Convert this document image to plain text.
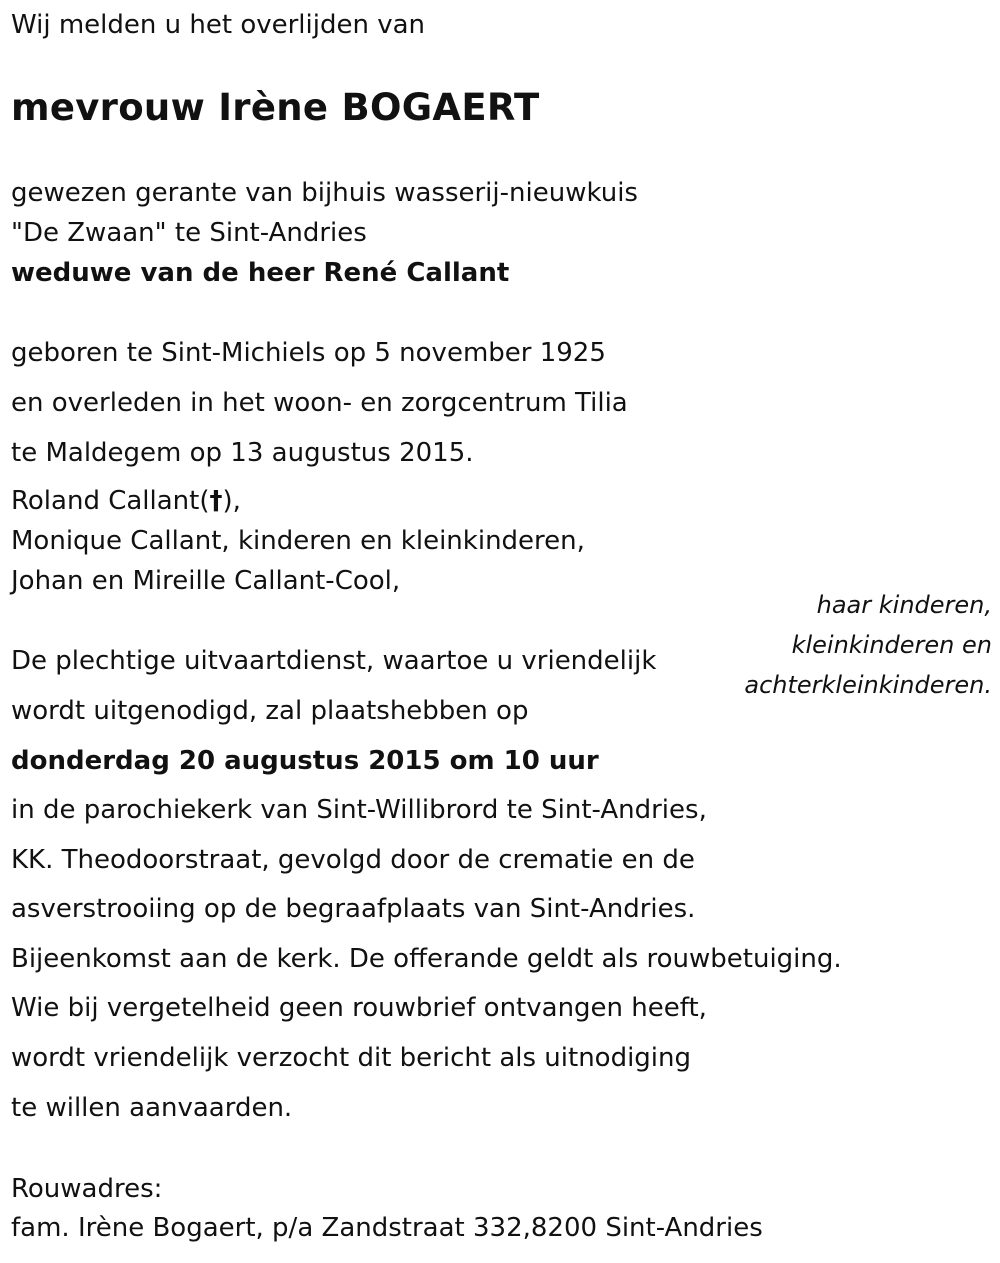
Wij melden u het overlijden van

mevrouw Irène BOGAERT

gewezen gerante van bijhuis wasserij-nieuwkuis

"De Zwaan" te Sint-Andries

weduwe van de heer René Callant

geboren te Sint-Michiels op 5 november 1925

en overleden in het woon- en zorgcentrum Tilia

te Maldegem op 13 augustus 2015.

Roland Callant(†),

Monique Callant, kinderen en kleinkinderen,

Johan en Mireille Callant-Cool,

haar kinderen,

kleinkinderen en

achterkleinkinderen.

De plechtige uitvaartdienst, waartoe u vriendelijk

wordt uitgenodigd, zal plaatshebben op

donderdag 20 augustus 2015 om 10 uur

in de parochiekerk van Sint-Willibrord te Sint-Andries,

KK. Theodoorstraat, gevolgd door de crematie en de

asverstrooiing op de begraafplaats van Sint-Andries.

Bijeenkomst aan de kerk. De offerande geldt als rouwbetuiging.

Wie bij vergetelheid geen rouwbrief ontvangen heeft,

wordt vriendelijk verzocht dit bericht als uitnodiging

te willen aanvaarden.

Rouwadres:

fam. Irène Bogaert, p/a Zandstraat 332,8200 Sint-Andries
